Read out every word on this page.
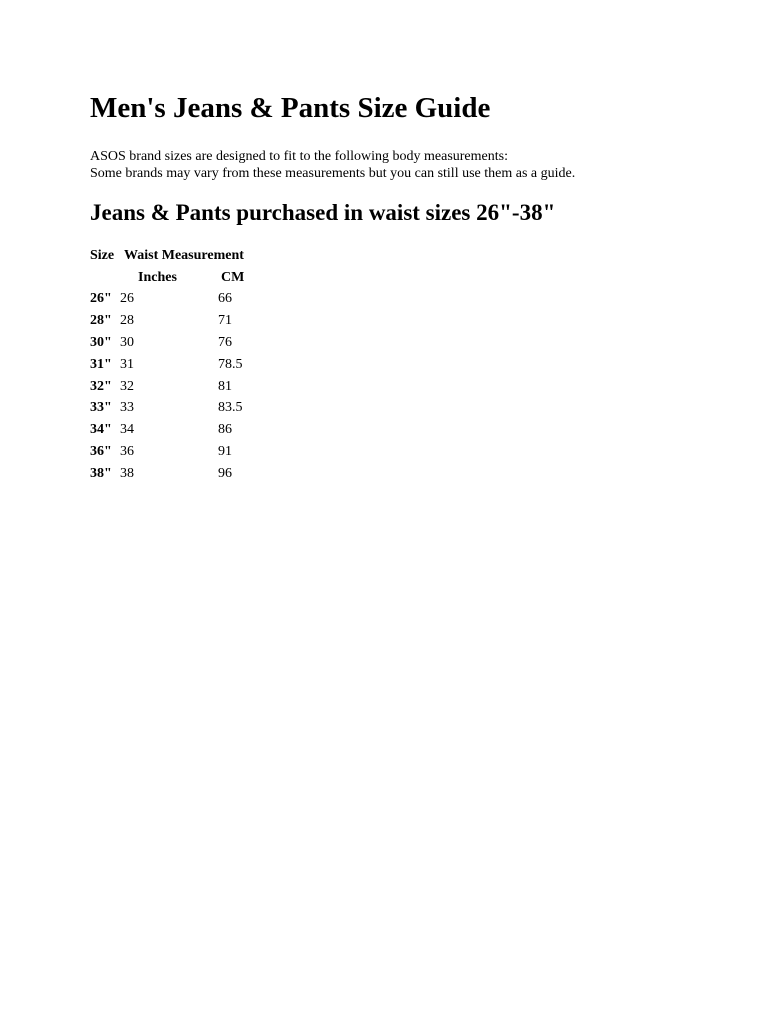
Men's Jeans & Pants Size Guide

ASOS brand sizes are designed to fit to the following body measurements:
Some brands may vary from these measurements but you can still use them as a guide.

Jeans & Pants purchased in waist sizes 26"-38"
Size	Waist Measurement	
	Inches	CM
26"	26	66
28"	28	71
30"	30	76
31"	31	78.5
32"	32	81
33"	33	83.5
34"	34	86
36"	36	91
38"	38	96
